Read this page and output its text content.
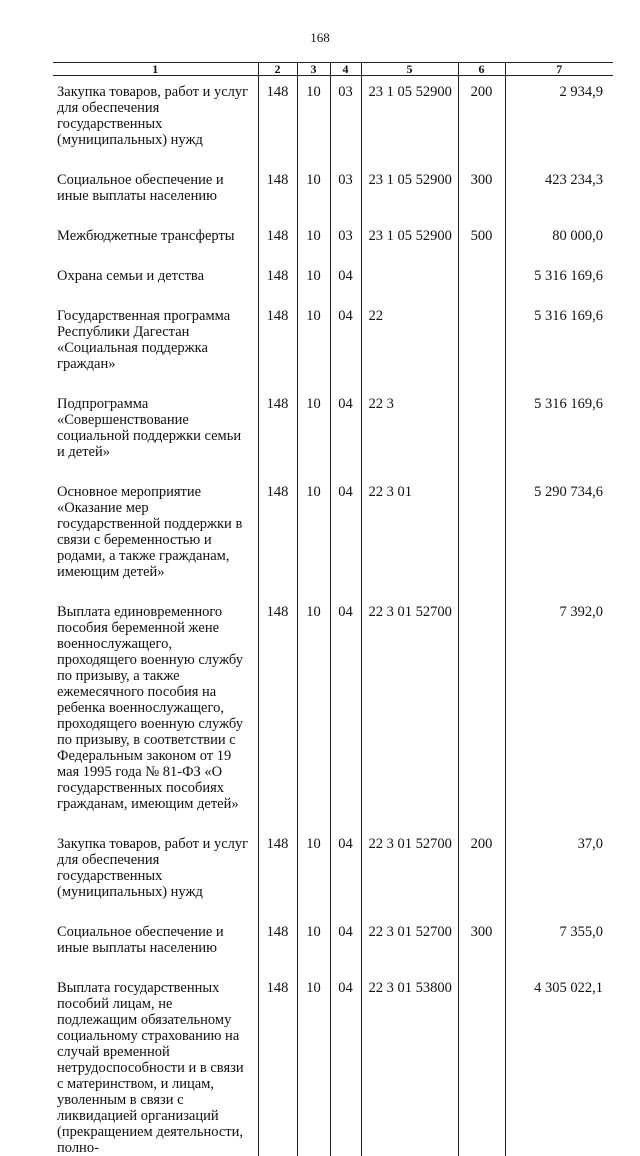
168
1	2	3	4	5	6	7
Закупка товаров, работ и услуг для обеспечения государственных (муниципальных) нужд	148	10	03	23 1 05 52900	200	2 934,9
Социальное обеспечение и иные выплаты населению	148	10	03	23 1 05 52900	300	423 234,3
Межбюджетные трансферты	148	10	03	23 1 05 52900	500	80 000,0
Охрана семьи и детства	148	10	04			5 316 169,6
Государственная программа Республики Дагестан «Социальная поддержка граждан»	148	10	04	22		5 316 169,6
Подпрограмма «Совершенствование социальной поддержки семьи и детей»	148	10	04	22 3		5 316 169,6
Основное мероприятие «Оказание мер государственной поддержки в связи с беременностью и родами, а также гражданам, имеющим детей»	148	10	04	22 3 01		5 290 734,6
Выплата единовременного пособия беременной жене военнослужащего, проходящего военную службу по призыву, а также ежемесячного пособия на ребенка военнослужащего, проходящего военную службу по призыву, в соответствии с Федеральным законом от 19 мая 1995 года № 81-ФЗ «О государственных пособиях гражданам, имеющим детей»	148	10	04	22 3 01 52700		7 392,0
Закупка товаров, работ и услуг для обеспечения государственных (муниципальных) нужд	148	10	04	22 3 01 52700	200	37,0
Социальное обеспечение и иные выплаты населению	148	10	04	22 3 01 52700	300	7 355,0
Выплата государственных пособий лицам, не подлежащим обязательному социальному страхованию на случай временной нетрудоспособности и в связи с материнством, и лицам, уволенным в связи с ликвидацией организаций (прекращением деятельности, полно-	148	10	04	22 3 01 53800		4 305 022,1
